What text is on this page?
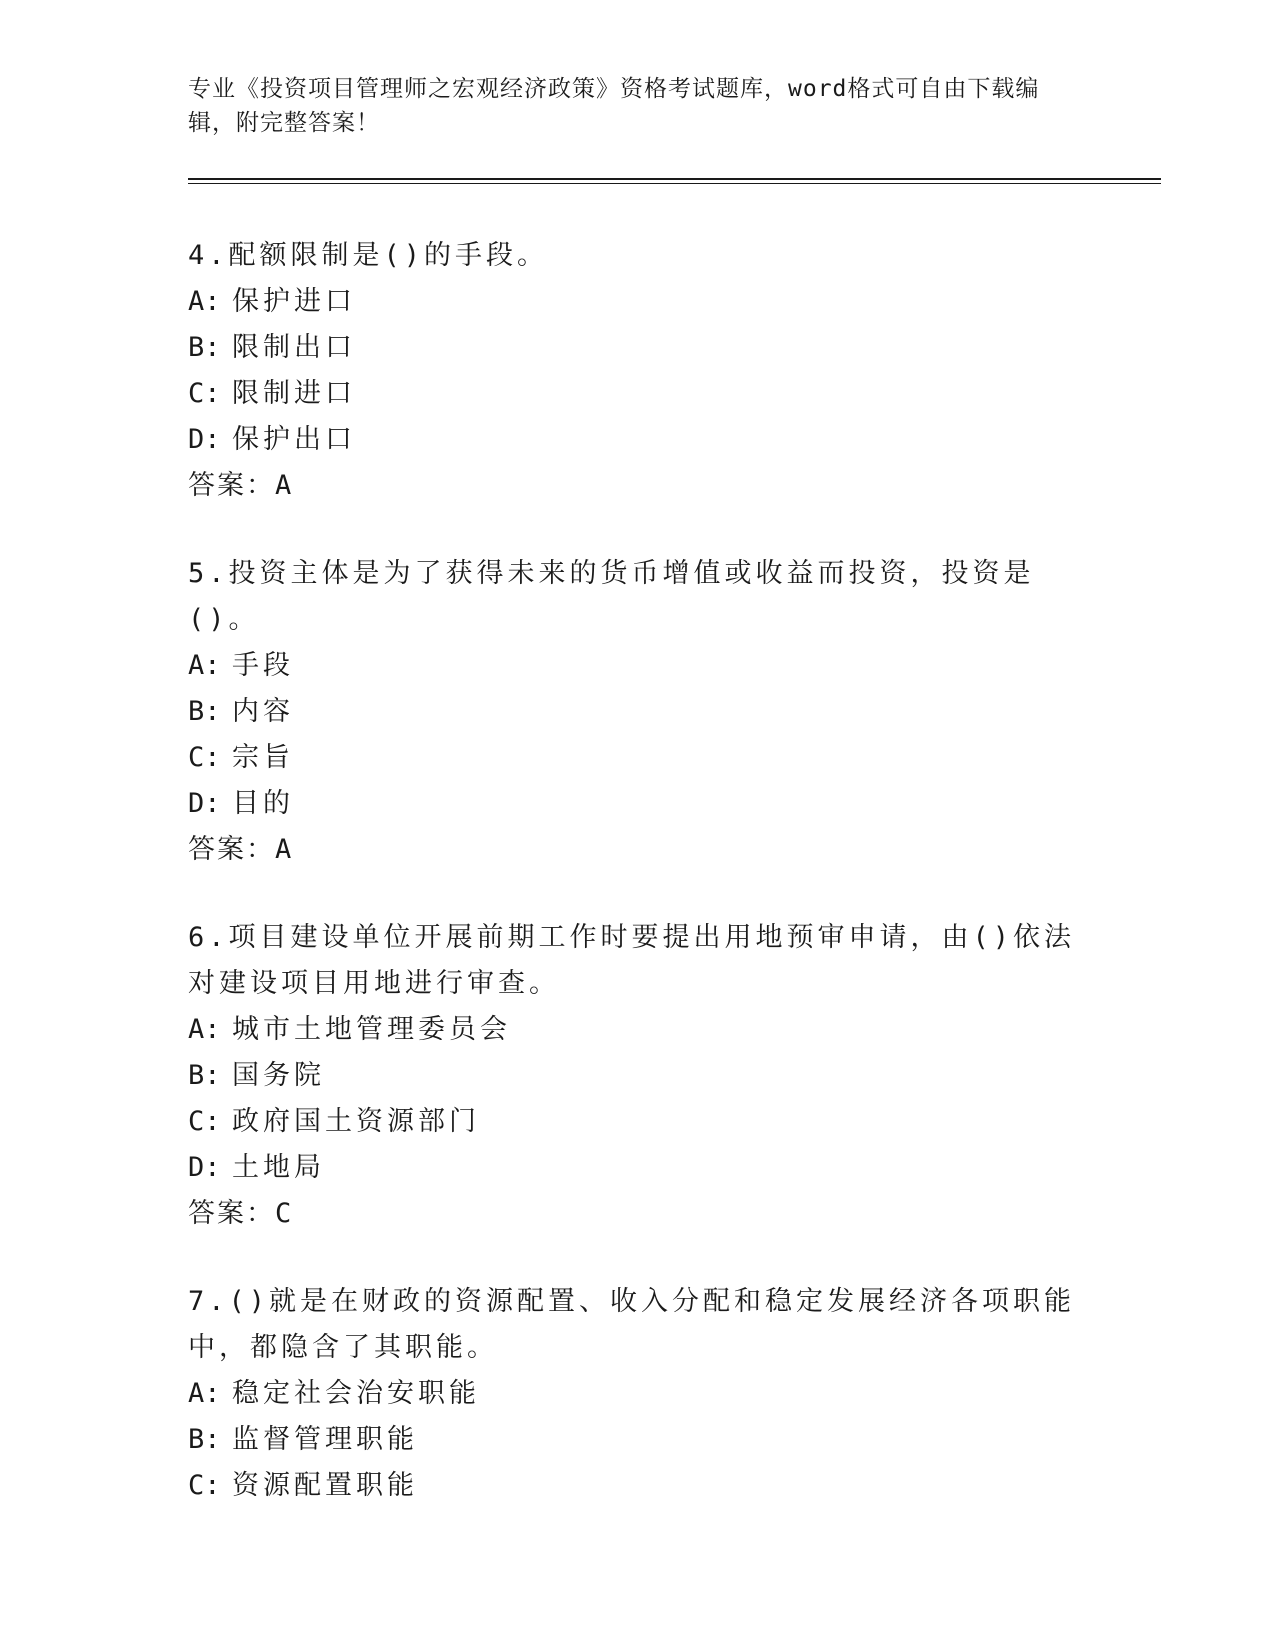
专业《投资项目管理师之宏观经济政策》资格考试题库，word格式可自由下载编辑，附完整答案！

4.配额限制是()的手段。

A: 保护进口

B: 限制出口

C: 限制进口

D: 保护出口

答案：A

5.投资主体是为了获得未来的货币增值或收益而投资，投资是()。

A: 手段

B: 内容

C: 宗旨

D: 目的

答案：A

6.项目建设单位开展前期工作时要提出用地预审申请，由()依法对建设项目用地进行审查。

A: 城市土地管理委员会

B: 国务院

C: 政府国土资源部门

D: 土地局

答案：C

7.()就是在财政的资源配置、收入分配和稳定发展经济各项职能中，都隐含了其职能。

A: 稳定社会治安职能

B: 监督管理职能

C: 资源配置职能
